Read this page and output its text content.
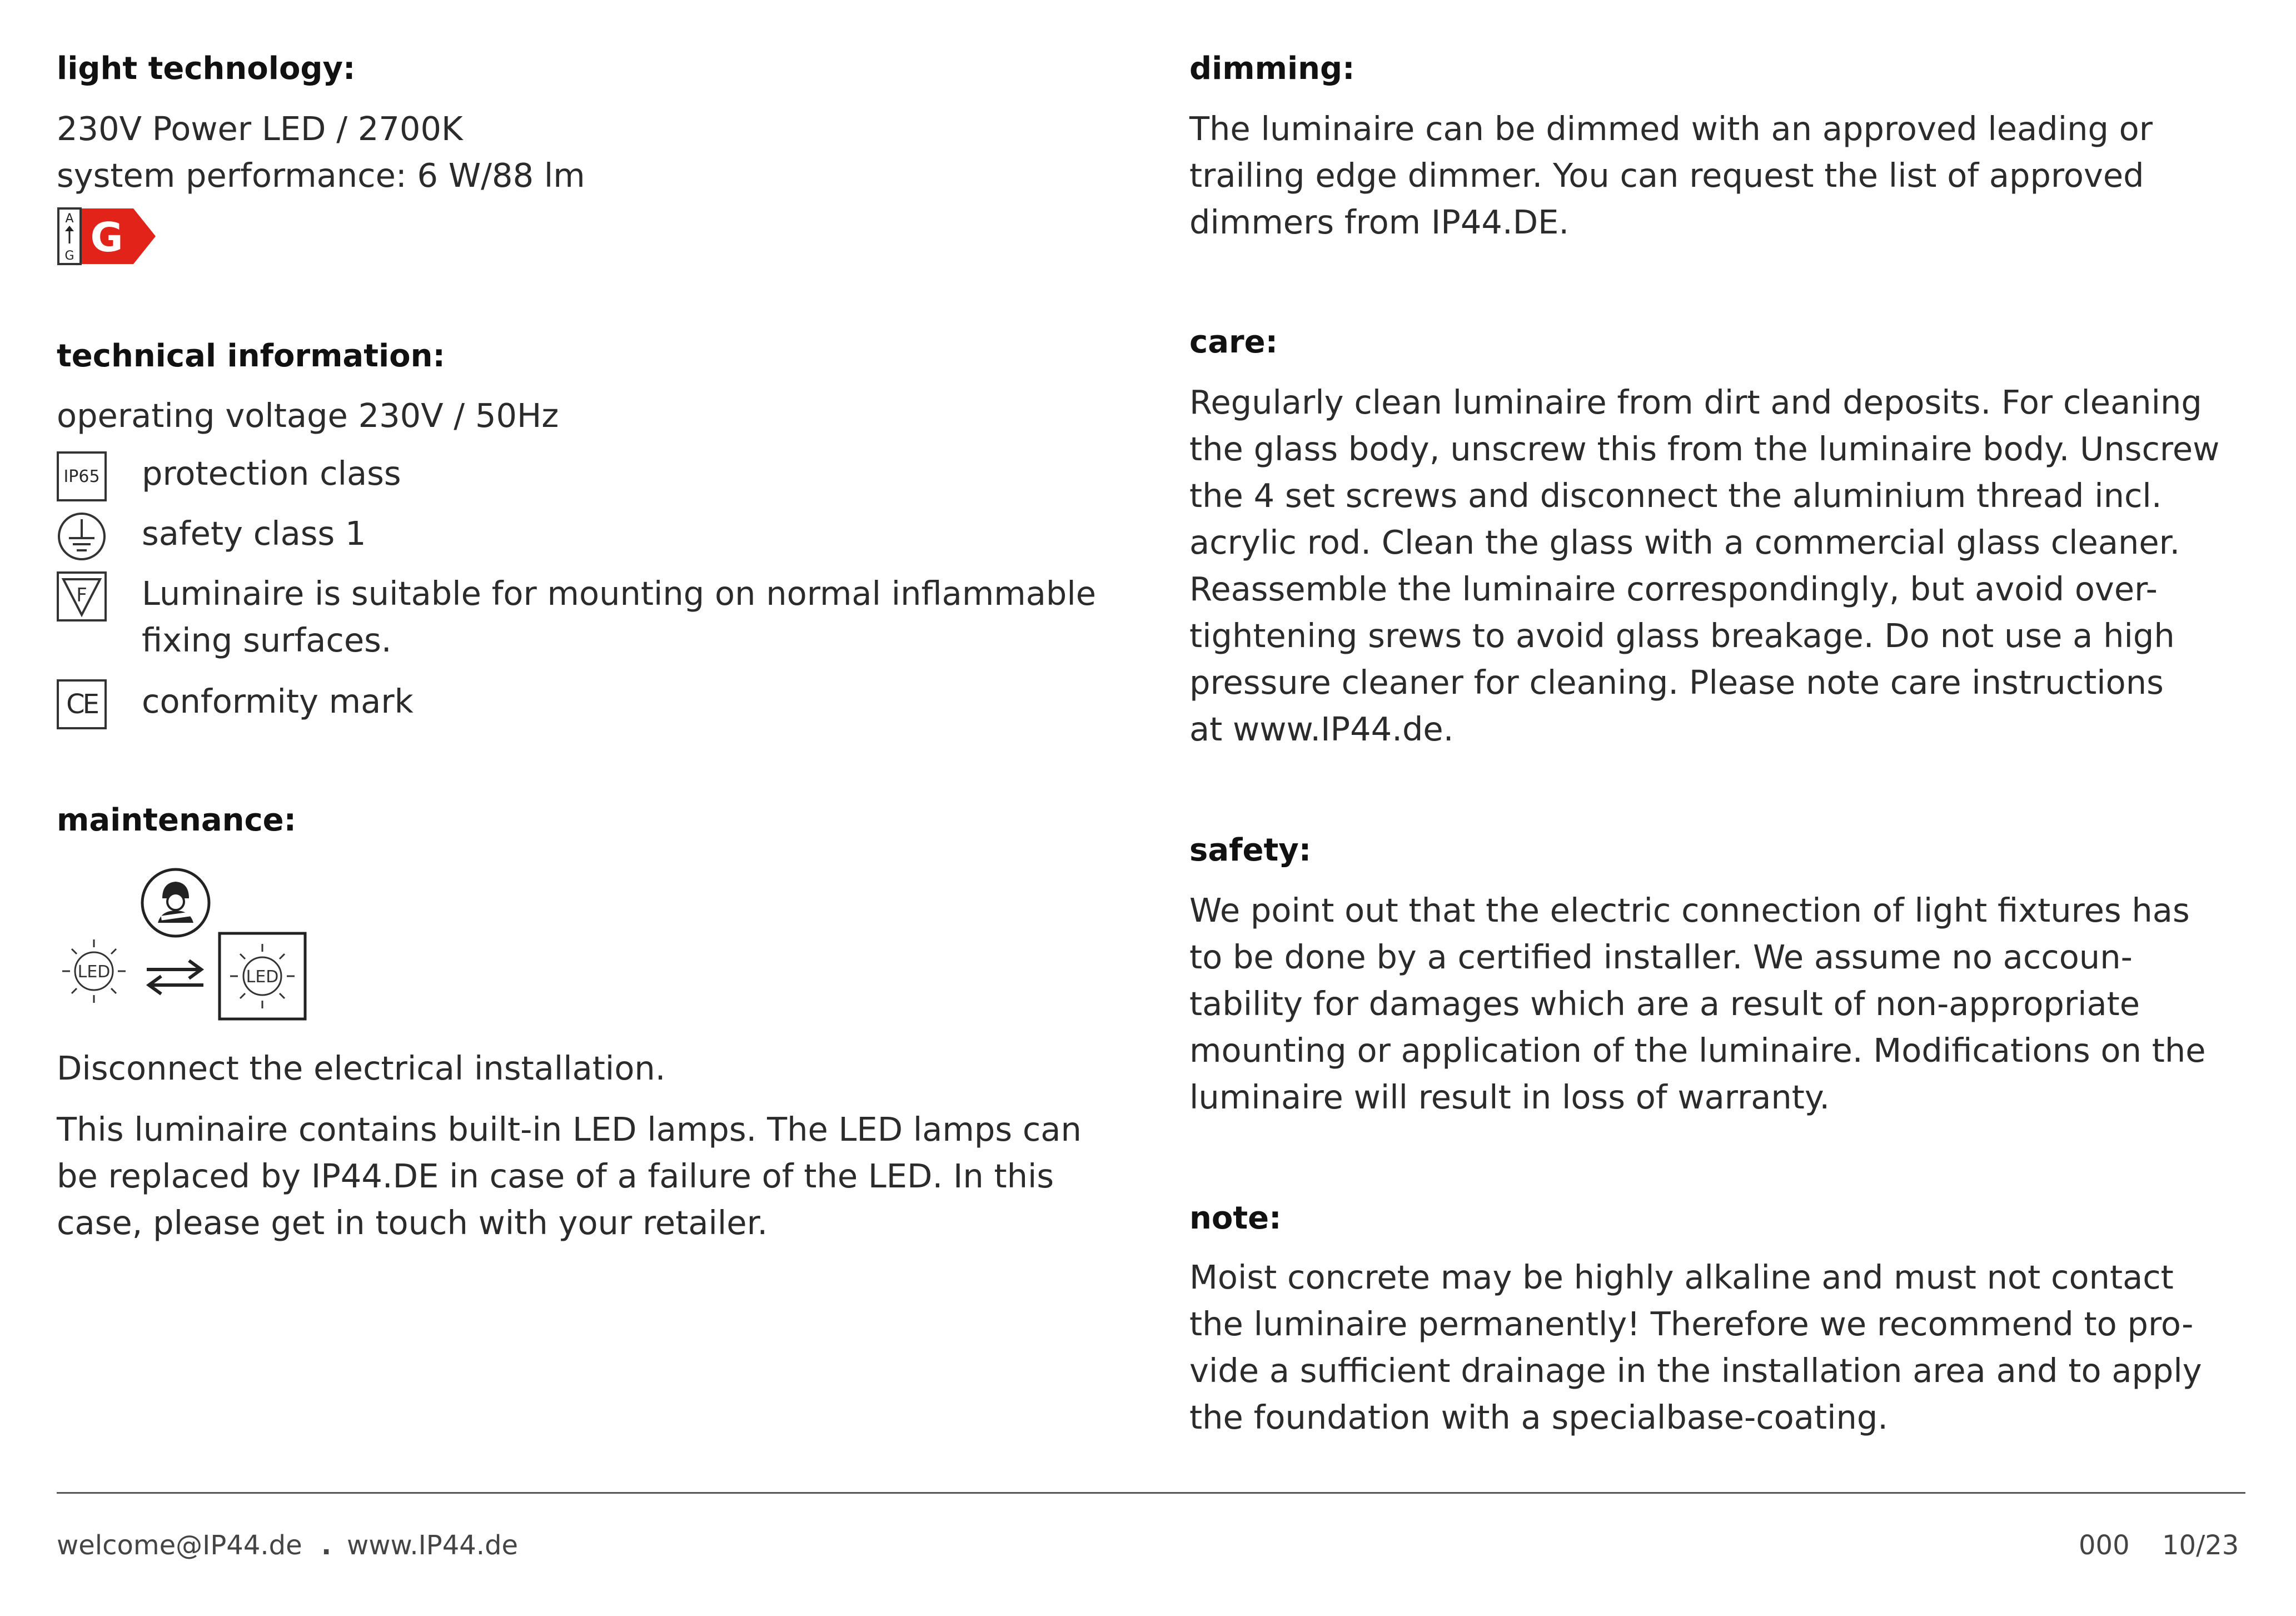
light technology:
230V Power LED / 2700K
system performance: 6 W/88 lm
A
G G
technical information:
operating voltage 230V / 50Hz
IP65 protection class
safety class 1
F Luminaire is suitable for mounting on normal inflammable
fixing surfaces.
CE conformity mark
maintenance:
LED	LED
Disconnect the electrical installation.
This luminaire contains built-in LED lamps. The LED lamps can
be replaced by IP44.DE in case of a failure of the LED. In this
case, please get in touch with your retailer.
dimming:
The luminaire can be dimmed with an approved leading or
trailing edge dimmer. You can request the list of approved
dimmers from IP44.DE.
care:
Regularly clean luminaire from dirt and deposits. For cleaning
the glass body, unscrew this from the luminaire body. Unscrew
the 4 set screws and disconnect the aluminium thread incl.
acrylic rod. Clean the glass with a commercial glass cleaner.
Reassemble the luminaire correspondingly, but avoid over-
tightening srews to avoid glass breakage. Do not use a high
pressure cleaner for cleaning. Please note care instructions
at www.IP44.de.
safety:
We point out that the electric connection of light fixtures has
to be done by a certified installer. We assume no accoun-
tability for damages which are a result of non-appropriate
mounting or application of the luminaire. Modifications on the
luminaire will result in loss of warranty.
note:
Moist concrete may be highly alkaline and must not contact
the luminaire permanently! Therefore we recommend to pro-
vide a sufficient drainage in the installation area and to apply
the foundation with a specialbase-coating.
welcome@IP44.de . www.IP44.de	000 10/23
